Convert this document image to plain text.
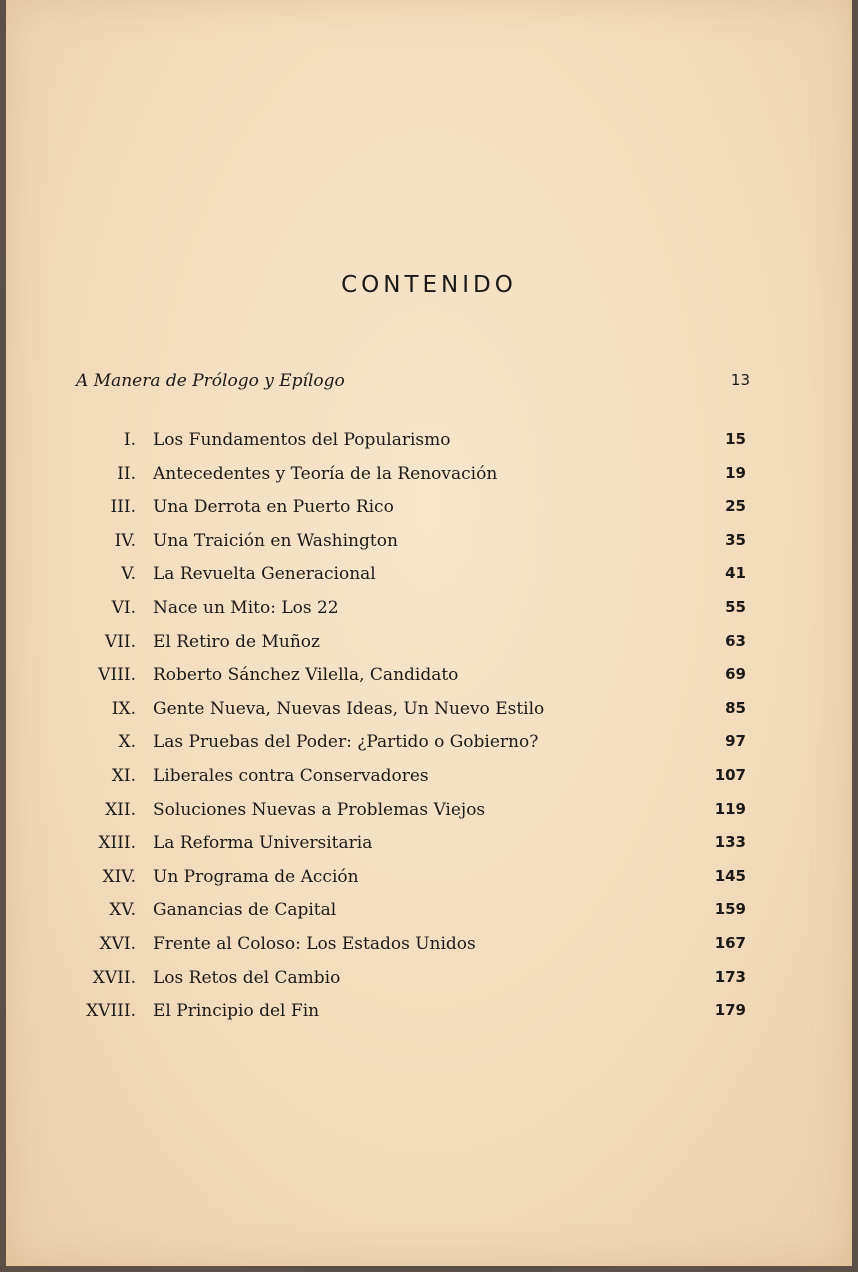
CONTENIDO
A Manera de Prólogo y Epílogo	13
I. Los Fundamentos del Popularismo	15
II. Antecedentes y Teoría de la Renovación	19
III. Una Derrota en Puerto Rico	25
IV. Una Traición en Washington	35
V. La Revuelta Generacional	41
VI. Nace un Mito: Los 22	55
VII. El Retiro de Muñoz	63
VIII. Roberto Sánchez Vilella, Candidato	69
IX. Gente Nueva, Nuevas Ideas, Un Nuevo Estilo	85
X. Las Pruebas del Poder: ¿Partido o Gobierno?	97
XI. Liberales contra Conservadores	107
XII. Soluciones Nuevas a Problemas Viejos	119
XIII. La Reforma Universitaria	133
XIV. Un Programa de Acción	145
XV. Ganancias de Capital	159
XVI. Frente al Coloso: Los Estados Unidos	167
XVII. Los Retos del Cambio	173
XVIII. El Principio del Fin	179
